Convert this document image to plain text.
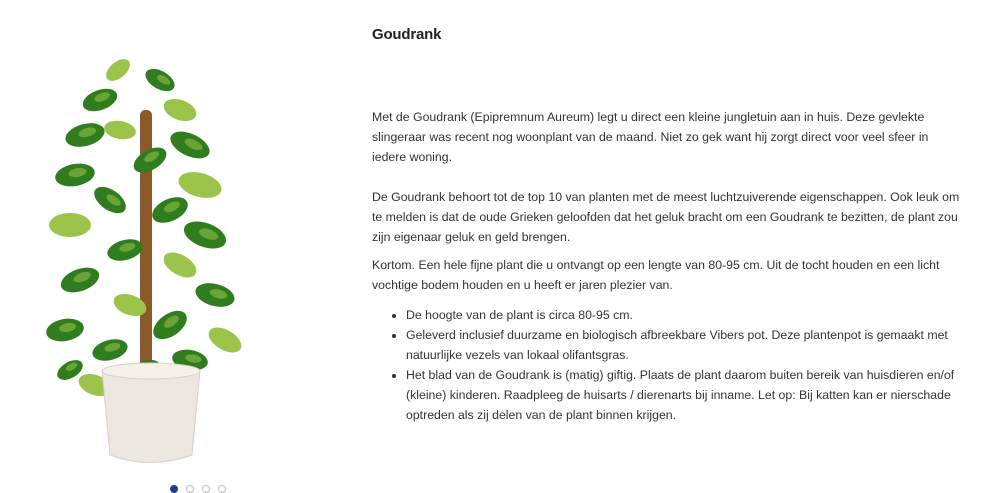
Goudrank

Met de Goudrank (Epipremnum Aureum) legt u direct een kleine jungletuin aan in huis. Deze gevlekte slingeraar was recent nog woonplant van de maand. Niet zo gek want hij zorgt direct voor veel sfeer in iedere woning.

De Goudrank behoort tot de top 10 van planten met de meest luchtzuiverende eigenschappen. Ook leuk om te melden is dat de oude Grieken geloofden dat het geluk bracht om een Goudrank te bezitten, de plant zou zijn eigenaar geluk en geld brengen.

Kortom. Een hele fijne plant die u ontvangt op een lengte van 80-95 cm. Uit de tocht houden en een licht vochtige bodem houden en u heeft er jaren plezier van.

• De hoogte van de plant is circa 80-95 cm.
• Geleverd inclusief duurzame en biologisch afbreekbare Vibers pot. Deze plantenpot is gemaakt met natuurlijke vezels van lokaal olifantsgras.
• Het blad van de Goudrank is (matig) giftig. Plaats de plant daarom buiten bereik van huisdieren en/of (kleine) kinderen. Raadpleeg de huisarts / dierenarts bij inname. Let op: Bij katten kan er nierschade optreden als zij delen van de plant binnen krijgen.
